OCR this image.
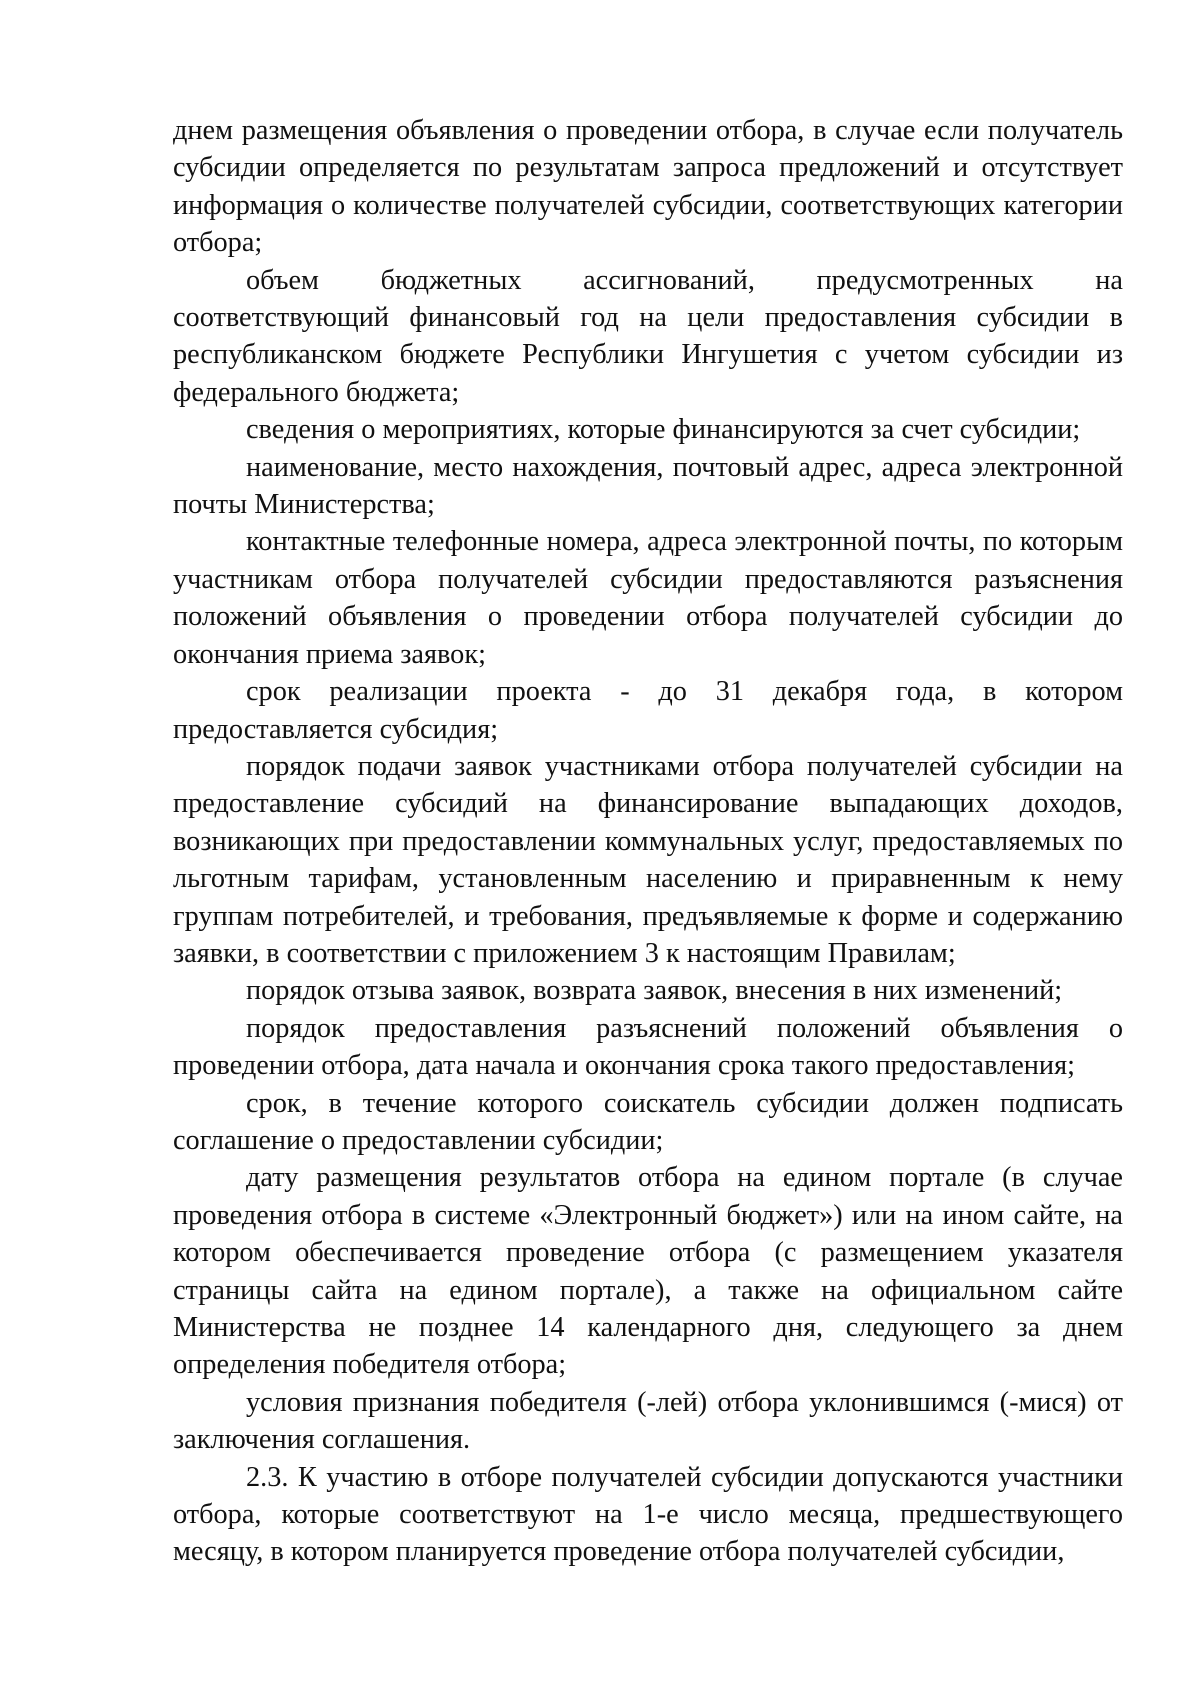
днем размещения объявления о проведении отбора, в случае если получатель субсидии определяется по результатам запроса предложений и отсутствует информация о количестве получателей субсидии, соответствующих категории отбора;

объем бюджетных ассигнований, предусмотренных на соответствующий финансовый год на цели предоставления субсидии в республиканском бюджете Республики Ингушетия с учетом субсидии из федерального бюджета;

сведения о мероприятиях, которые финансируются за счет субсидии;

наименование, место нахождения, почтовый адрес, адреса электронной почты Министерства;

контактные телефонные номера, адреса электронной почты, по которым участникам отбора получателей субсидии предоставляются разъяснения положений объявления о проведении отбора получателей субсидии до окончания приема заявок;

срок реализации проекта - до 31 декабря года, в котором предоставляется субсидия;

порядок подачи заявок участниками отбора получателей субсидии на предоставление субсидий на финансирование выпадающих доходов, возникающих при предоставлении коммунальных услуг, предоставляемых по льготным тарифам, установленным населению и приравненным к нему группам потребителей, и требования, предъявляемые к форме и содержанию заявки, в соответствии с приложением 3 к настоящим Правилам;

порядок отзыва заявок, возврата заявок, внесения в них изменений;

порядок предоставления разъяснений положений объявления о проведении отбора, дата начала и окончания срока такого предоставления;

срок, в течение которого соискатель субсидии должен подписать соглашение о предоставлении субсидии;

дату размещения результатов отбора на едином портале (в случае проведения отбора в системе «Электронный бюджет») или на ином сайте, на котором обеспечивается проведение отбора (с размещением указателя страницы сайта на едином портале), а также на официальном сайте Министерства не позднее 14 календарного дня, следующего за днем определения победителя отбора;

условия признания победителя (-лей) отбора уклонившимся (-мися) от заключения соглашения.

2.3. К участию в отборе получателей субсидии допускаются участники отбора, которые соответствуют на 1-е число месяца, предшествующего месяцу, в котором планируется проведение отбора получателей субсидии,
